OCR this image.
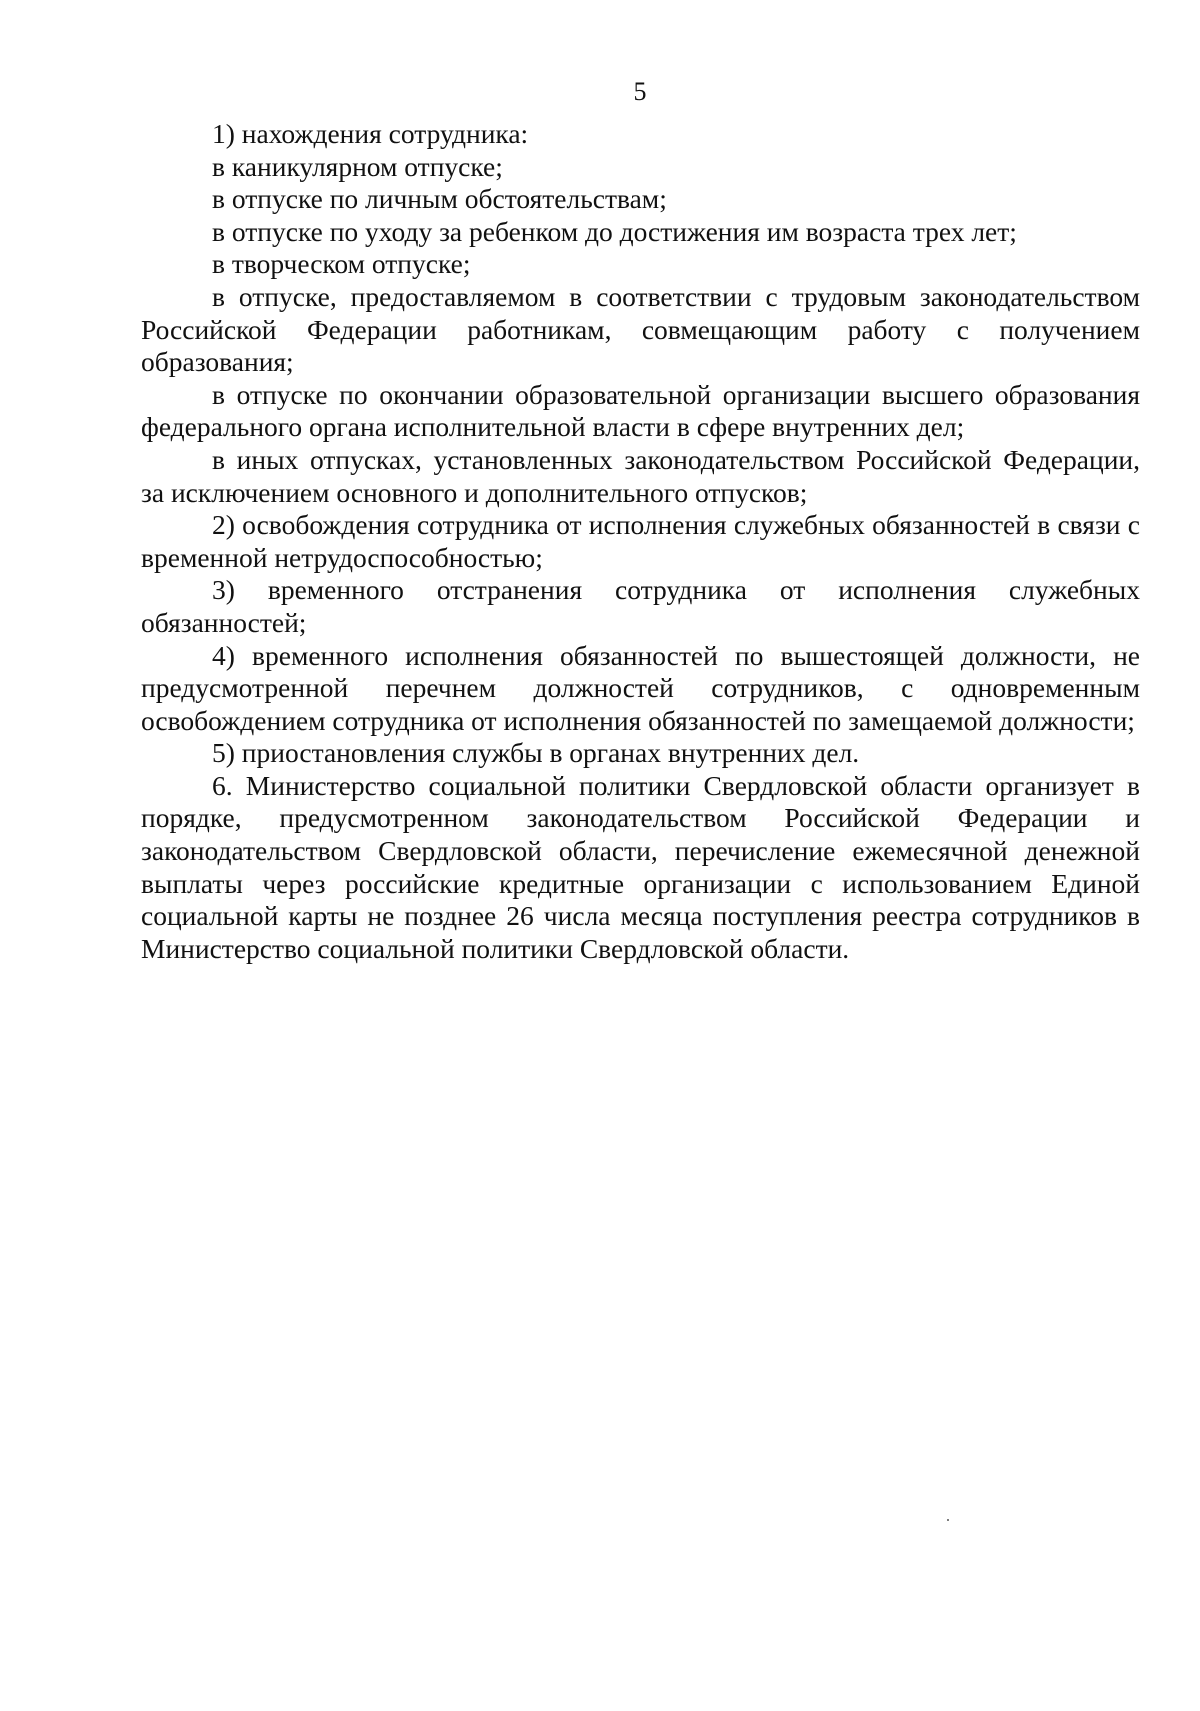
5

1) нахождения сотрудника:

в каникулярном отпуске;

в отпуске по личным обстоятельствам;

в отпуске по уходу за ребенком до достижения им возраста трех лет;

в творческом отпуске;

в отпуске, предоставляемом в соответствии с трудовым законодательством Российской Федерации работникам, совмещающим работу с получением образования;

в отпуске по окончании образовательной организации высшего образования федерального органа исполнительной власти в сфере внутренних дел;

в иных отпусках, установленных законодательством Российской Федерации, за исключением основного и дополнительного отпусков;

2) освобождения сотрудника от исполнения служебных обязанностей в связи с временной нетрудоспособностью;

3) временного отстранения сотрудника от исполнения служебных обязанностей;

4) временного исполнения обязанностей по вышестоящей должности, не предусмотренной перечнем должностей сотрудников, с одновременным освобождением сотрудника от исполнения обязанностей по замещаемой должности;

5) приостановления службы в органах внутренних дел.

6. Министерство социальной политики Свердловской области организует в порядке, предусмотренном законодательством Российской Федерации и законодательством Свердловской области, перечисление ежемесячной денежной выплаты через российские кредитные организации с использованием Единой социальной карты не позднее 26 числа месяца поступления реестра сотрудников в Министерство социальной политики Свердловской области.
